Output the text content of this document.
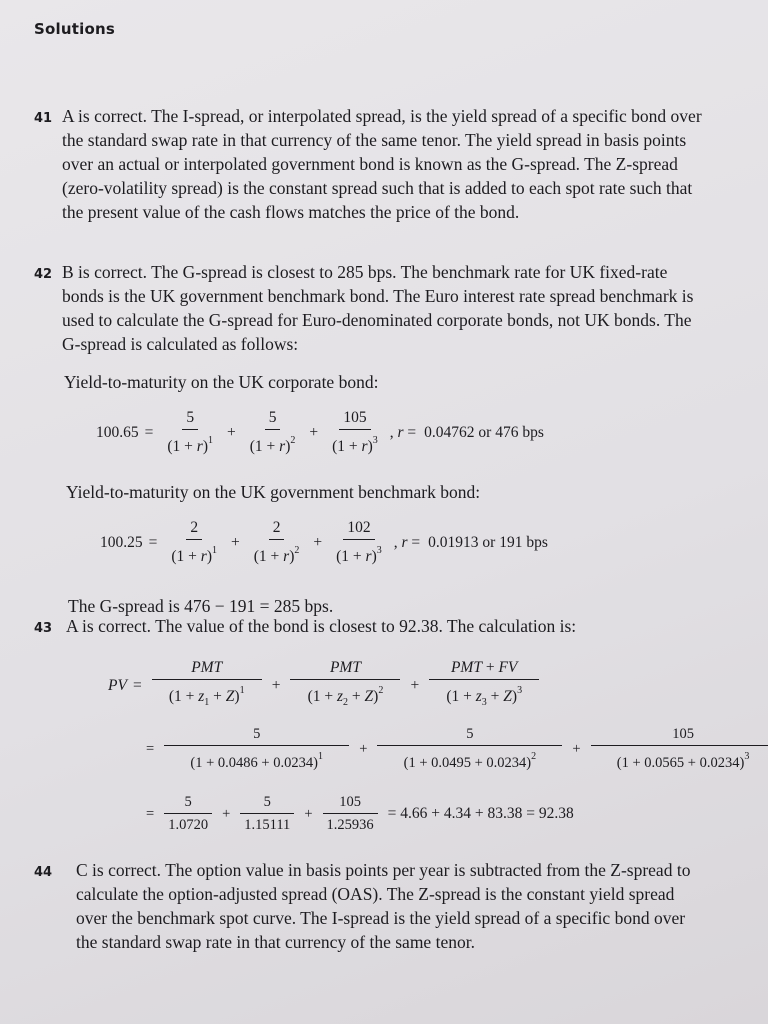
Solutions
41 A is correct. The I-spread, or interpolated spread, is the yield spread of a specific bond over the standard swap rate in that currency of the same tenor. The yield spread in basis points over an actual or interpolated government bond is known as the G-spread. The Z-spread (zero-volatility spread) is the constant spread such that is added to each spot rate such that the present value of the cash flows matches the price of the bond.
42 B is correct. The G-spread is closest to 285 bps. The benchmark rate for UK fixed-rate bonds is the UK government benchmark bond. The Euro interest rate spread benchmark is used to calculate the G-spread for Euro-denominated corporate bonds, not UK bonds. The G-spread is calculated as follows:
Yield-to-maturity on the UK corporate bond:
$100.65 = \frac{5}{(1 + r)^1} + \frac{5}{(1 + r)^2} + \frac{105}{(1 + r)^3}$ , r = 0.04762 or 476 bps
Yield-to-maturity on the UK government benchmark bond:
$100.25 = \frac{2}{(1 + r)^1} + \frac{2}{(1 + r)^2} + \frac{102}{(1 + r)^3}$ , r = 0.01913 or 191 bps
The G-spread is 476 − 191 = 285 bps.
43 A is correct. The value of the bond is closest to 92.38. The calculation is:
PV = $\frac{\text{PMT}}{(1 + z_1 + Z)^1} + \frac{\text{PMT}}{(1 + z_2 + Z)^2} + \frac{\text{PMT + FV}}{(1 + z_3 + Z)^3}$
= $\frac{5}{(1 + 0.0486 + 0.0234)^1} + \frac{5}{(1 + 0.0495 + 0.0234)^2} + \frac{105}{(1 + 0.0565 + 0.0234)^3}$
= $\frac{5}{1.0720} + \frac{5}{1.15111} + \frac{105}{1.25936} = 4.66 + 4.34 + 83.38 = 92.38$
44 C is correct. The option value in basis points per year is subtracted from the Z-spread to calculate the option-adjusted spread (OAS). The Z-spread is the constant yield spread over the benchmark spot curve. The I-spread is the yield spread of a specific bond over the standard swap rate in that currency of the same tenor.
